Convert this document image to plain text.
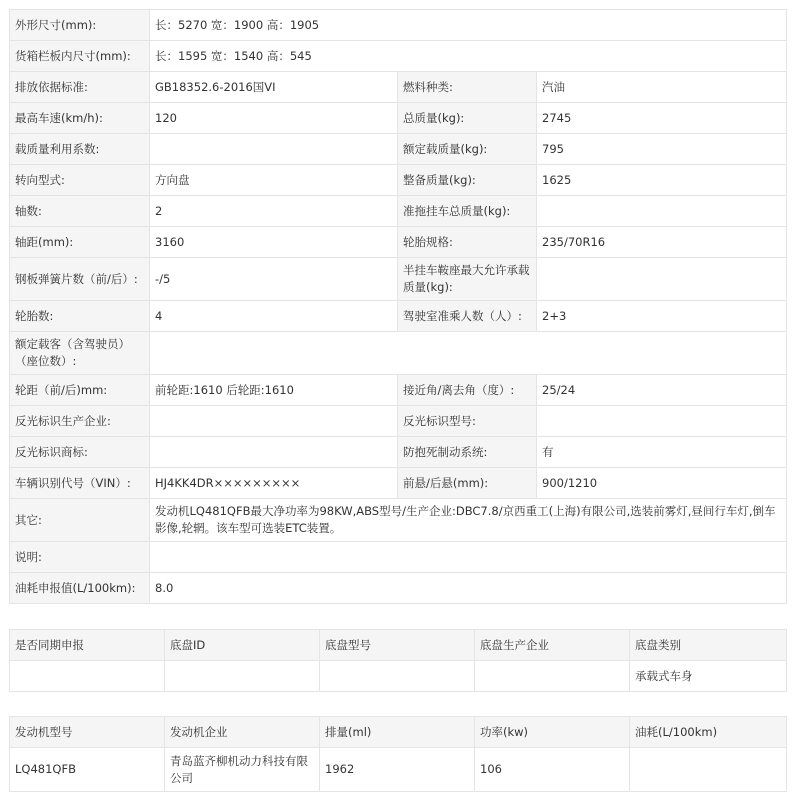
外形尺寸(mm):	长：5270 宽：1900 高：1905		
货箱栏板内尺寸(mm):	长：1595 宽：1540 高：545		
排放依据标准:	GB18352.6-2016国VI	燃料种类:	汽油
最高车速(km/h):	120	总质量(kg):	2745
载质量利用系数:		额定载质量(kg):	795
转向型式:	方向盘	整备质量(kg):	1625
轴数:	2	准拖挂车总质量(kg):	
轴距(mm):	3160	轮胎规格:	235/70R16
钢板弹簧片数（前/后）:	-/5	半挂车鞍座最大允许承载质量(kg):	
轮胎数:	4	驾驶室准乘人数（人）:	2+3
额定载客（含驾驶员）（座位数）:			
轮距（前/后)mm:	前轮距:1610 后轮距:1610	接近角/离去角（度）:	25/24
反光标识生产企业:		反光标识型号:	
反光标识商标:		防抱死制动系统:	有
车辆识别代号（VIN）:	HJ4KK4DR×××××××××	前悬/后悬(mm):	900/1210
其它:	发动机LQ481QFB最大净功率为98KW,ABS型号/生产企业:DBC7.8/京西重工(上海)有限公司,选装前雾灯,昼间行车灯,倒车影像,轮辋。该车型可选装ETC装置。		
说明:			
油耗申报值(L/100km):	8.0		
是否同期申报	底盘ID	底盘型号	底盘生产企业	底盘类别
				承载式车身
发动机型号	发动机企业	排量(ml)	功率(kw)	油耗(L/100km)
LQ481QFB	青岛蓝齐柳机动力科技有限公司	1962	106	
